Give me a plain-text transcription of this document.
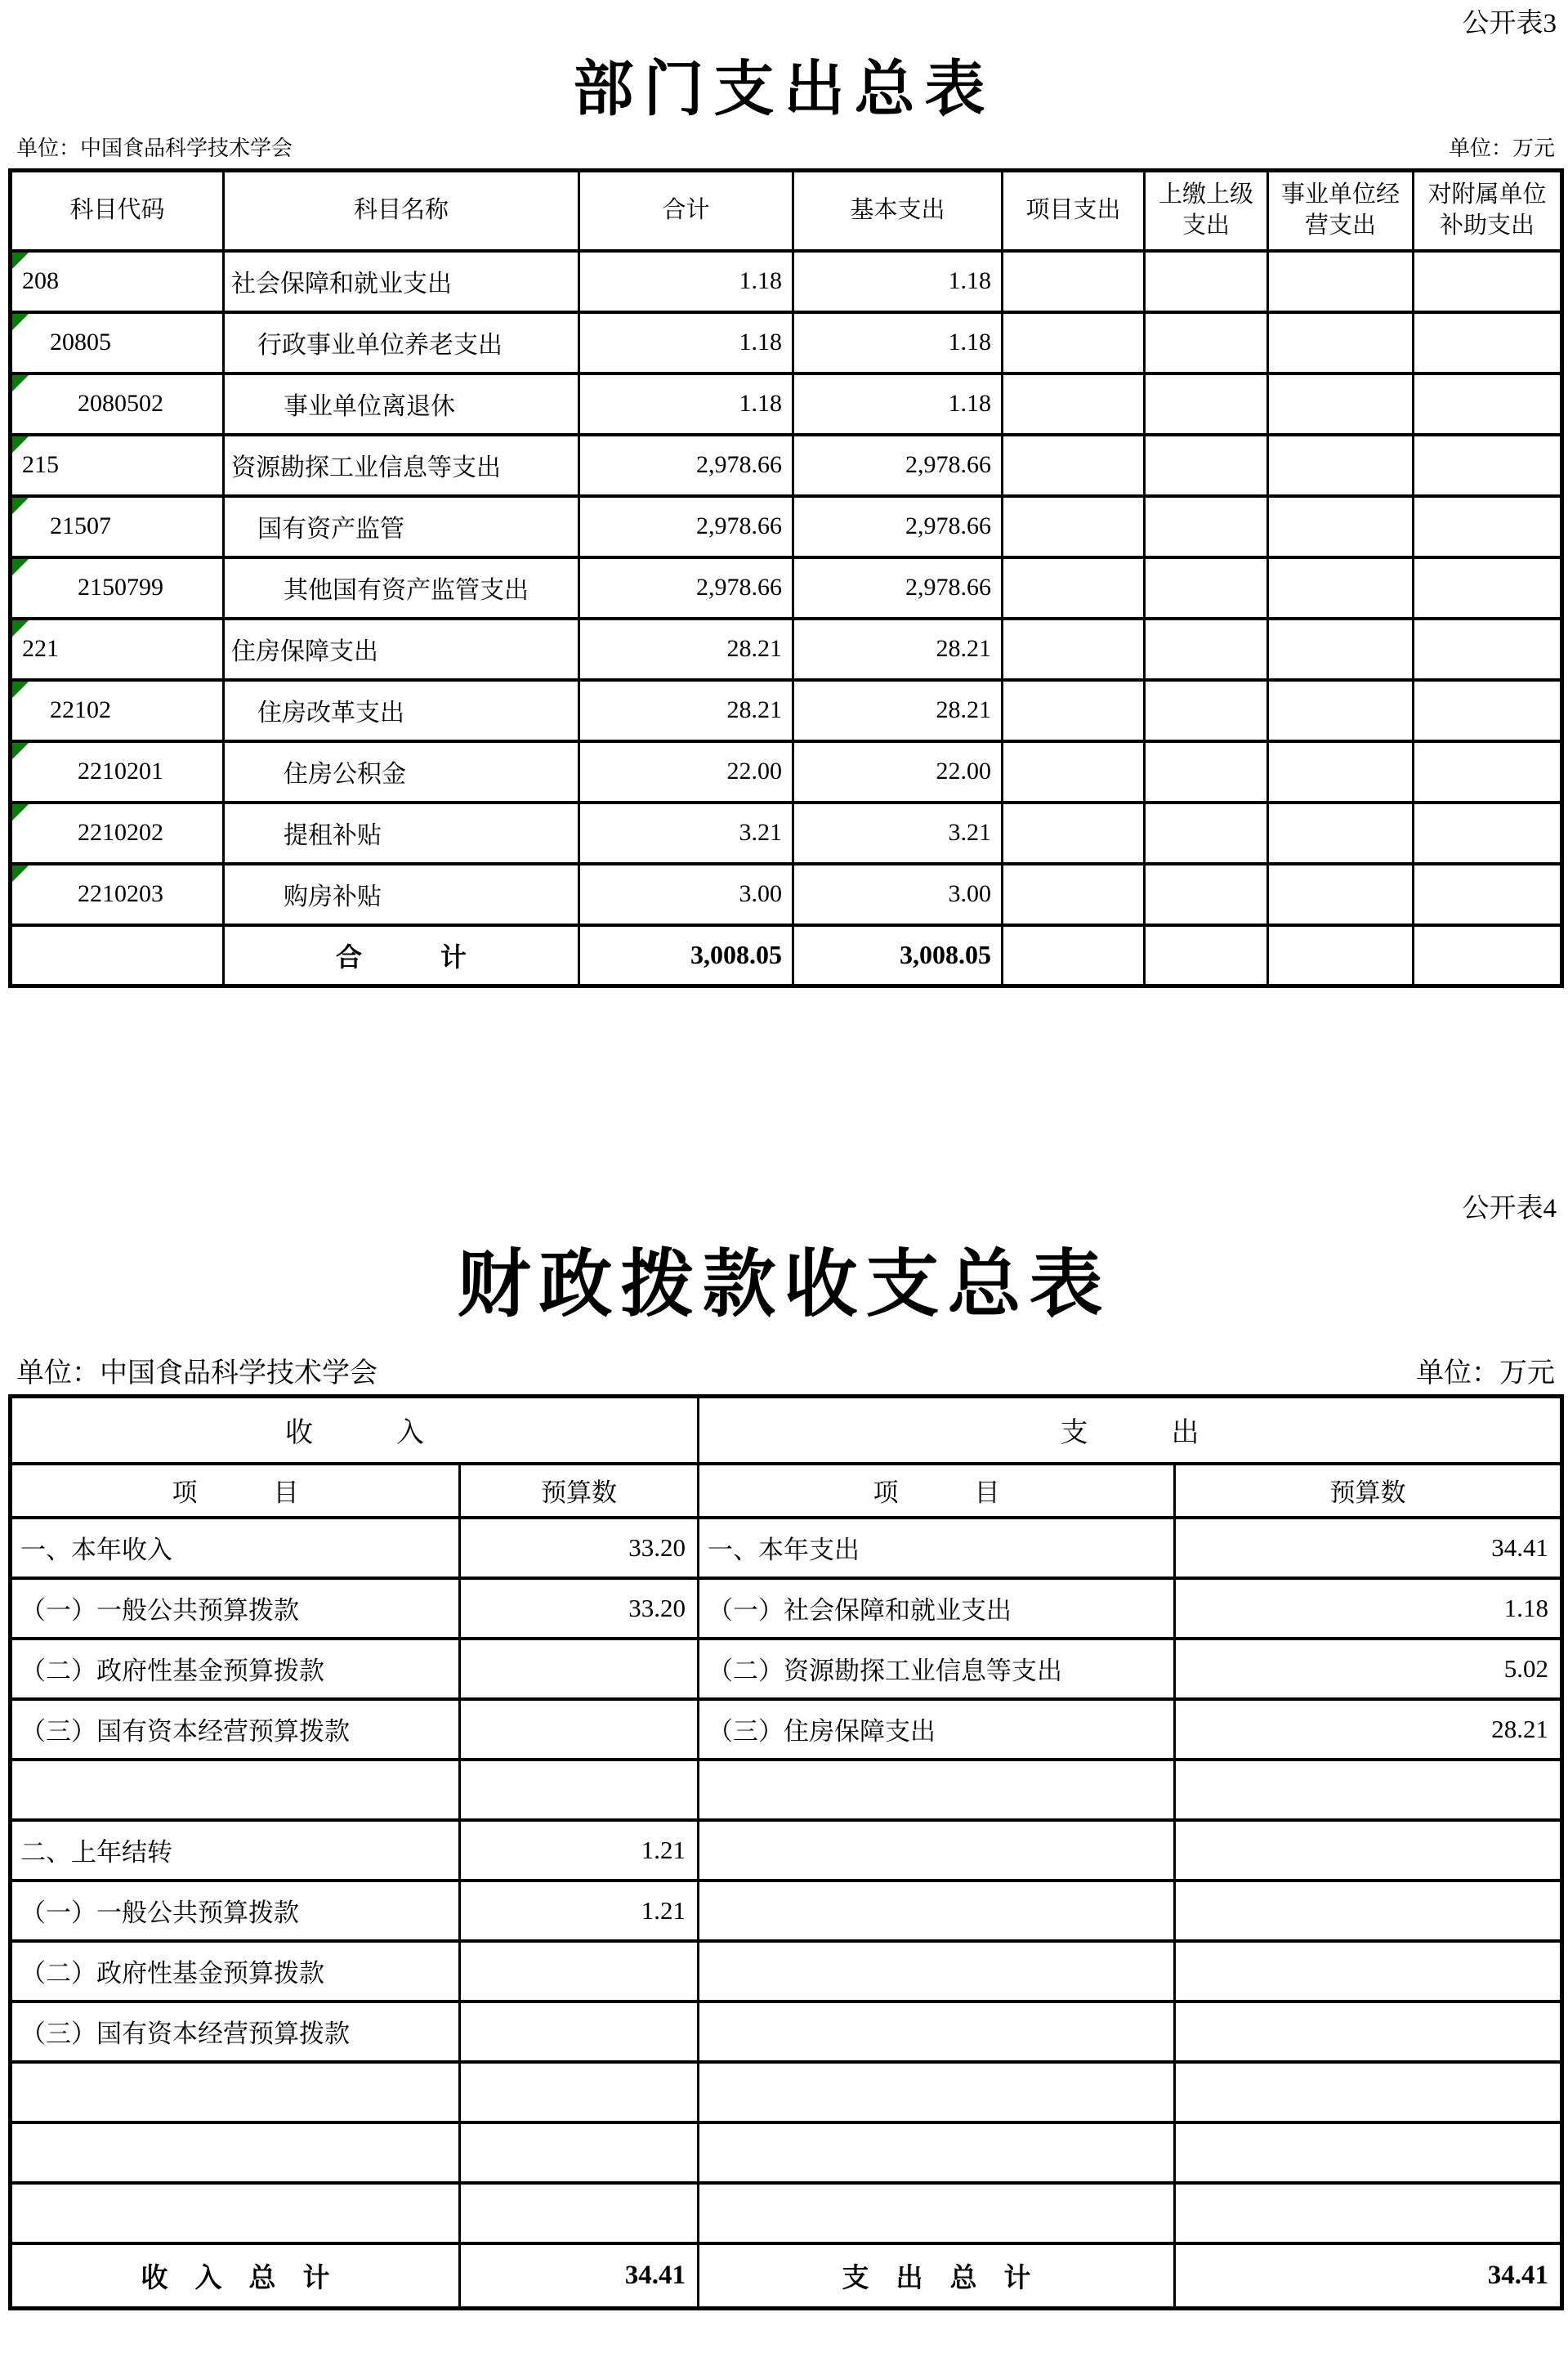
公开表3
部门支出总表
单位：中国食品科学技术学会	单位：万元
科目代码	科目名称	合计	基本支出	项目支出	上缴上级支出	事业单位经营支出	对附属单位补助支出

208	社会保障和就业支出	1.18	1.18				

20805	行政事业单位养老支出	1.18	1.18				

2080502	事业单位离退休	1.18	1.18				

215	资源勘探工业信息等支出	2,978.66	2,978.66				

21507	国有资产监管	2,978.66	2,978.66				

2150799	其他国有资产监管支出	2,978.66	2,978.66				

221	住房保障支出	28.21	28.21				

22102	住房改革支出	28.21	28.21				

2210201	住房公积金	22.00	22.00				

2210202	提租补贴	3.21	3.21				

2210203	购房补贴	3.00	3.00				
	合　　　计	3,008.05	3,008.05				
公开表4
财政拨款收支总表
单位：中国食品科学技术学会	单位：万元
收　　　入		支　　　出	
项　　　目	预算数	项　　　目	预算数
一、本年收入	33.20	一、本年支出	34.41
（一）一般公共预算拨款	33.20	（一）社会保障和就业支出	1.18
（二）政府性基金预算拨款		（二）资源勘探工业信息等支出	5.02
（三）国有资本经营预算拨款		（三）住房保障支出	28.21

二、上年结转	1.21		
（一）一般公共预算拨款	1.21		
（二）政府性基金预算拨款			
（三）国有资本经营预算拨款			

收　入　总　计	34.41	支　出　总　计	34.41
